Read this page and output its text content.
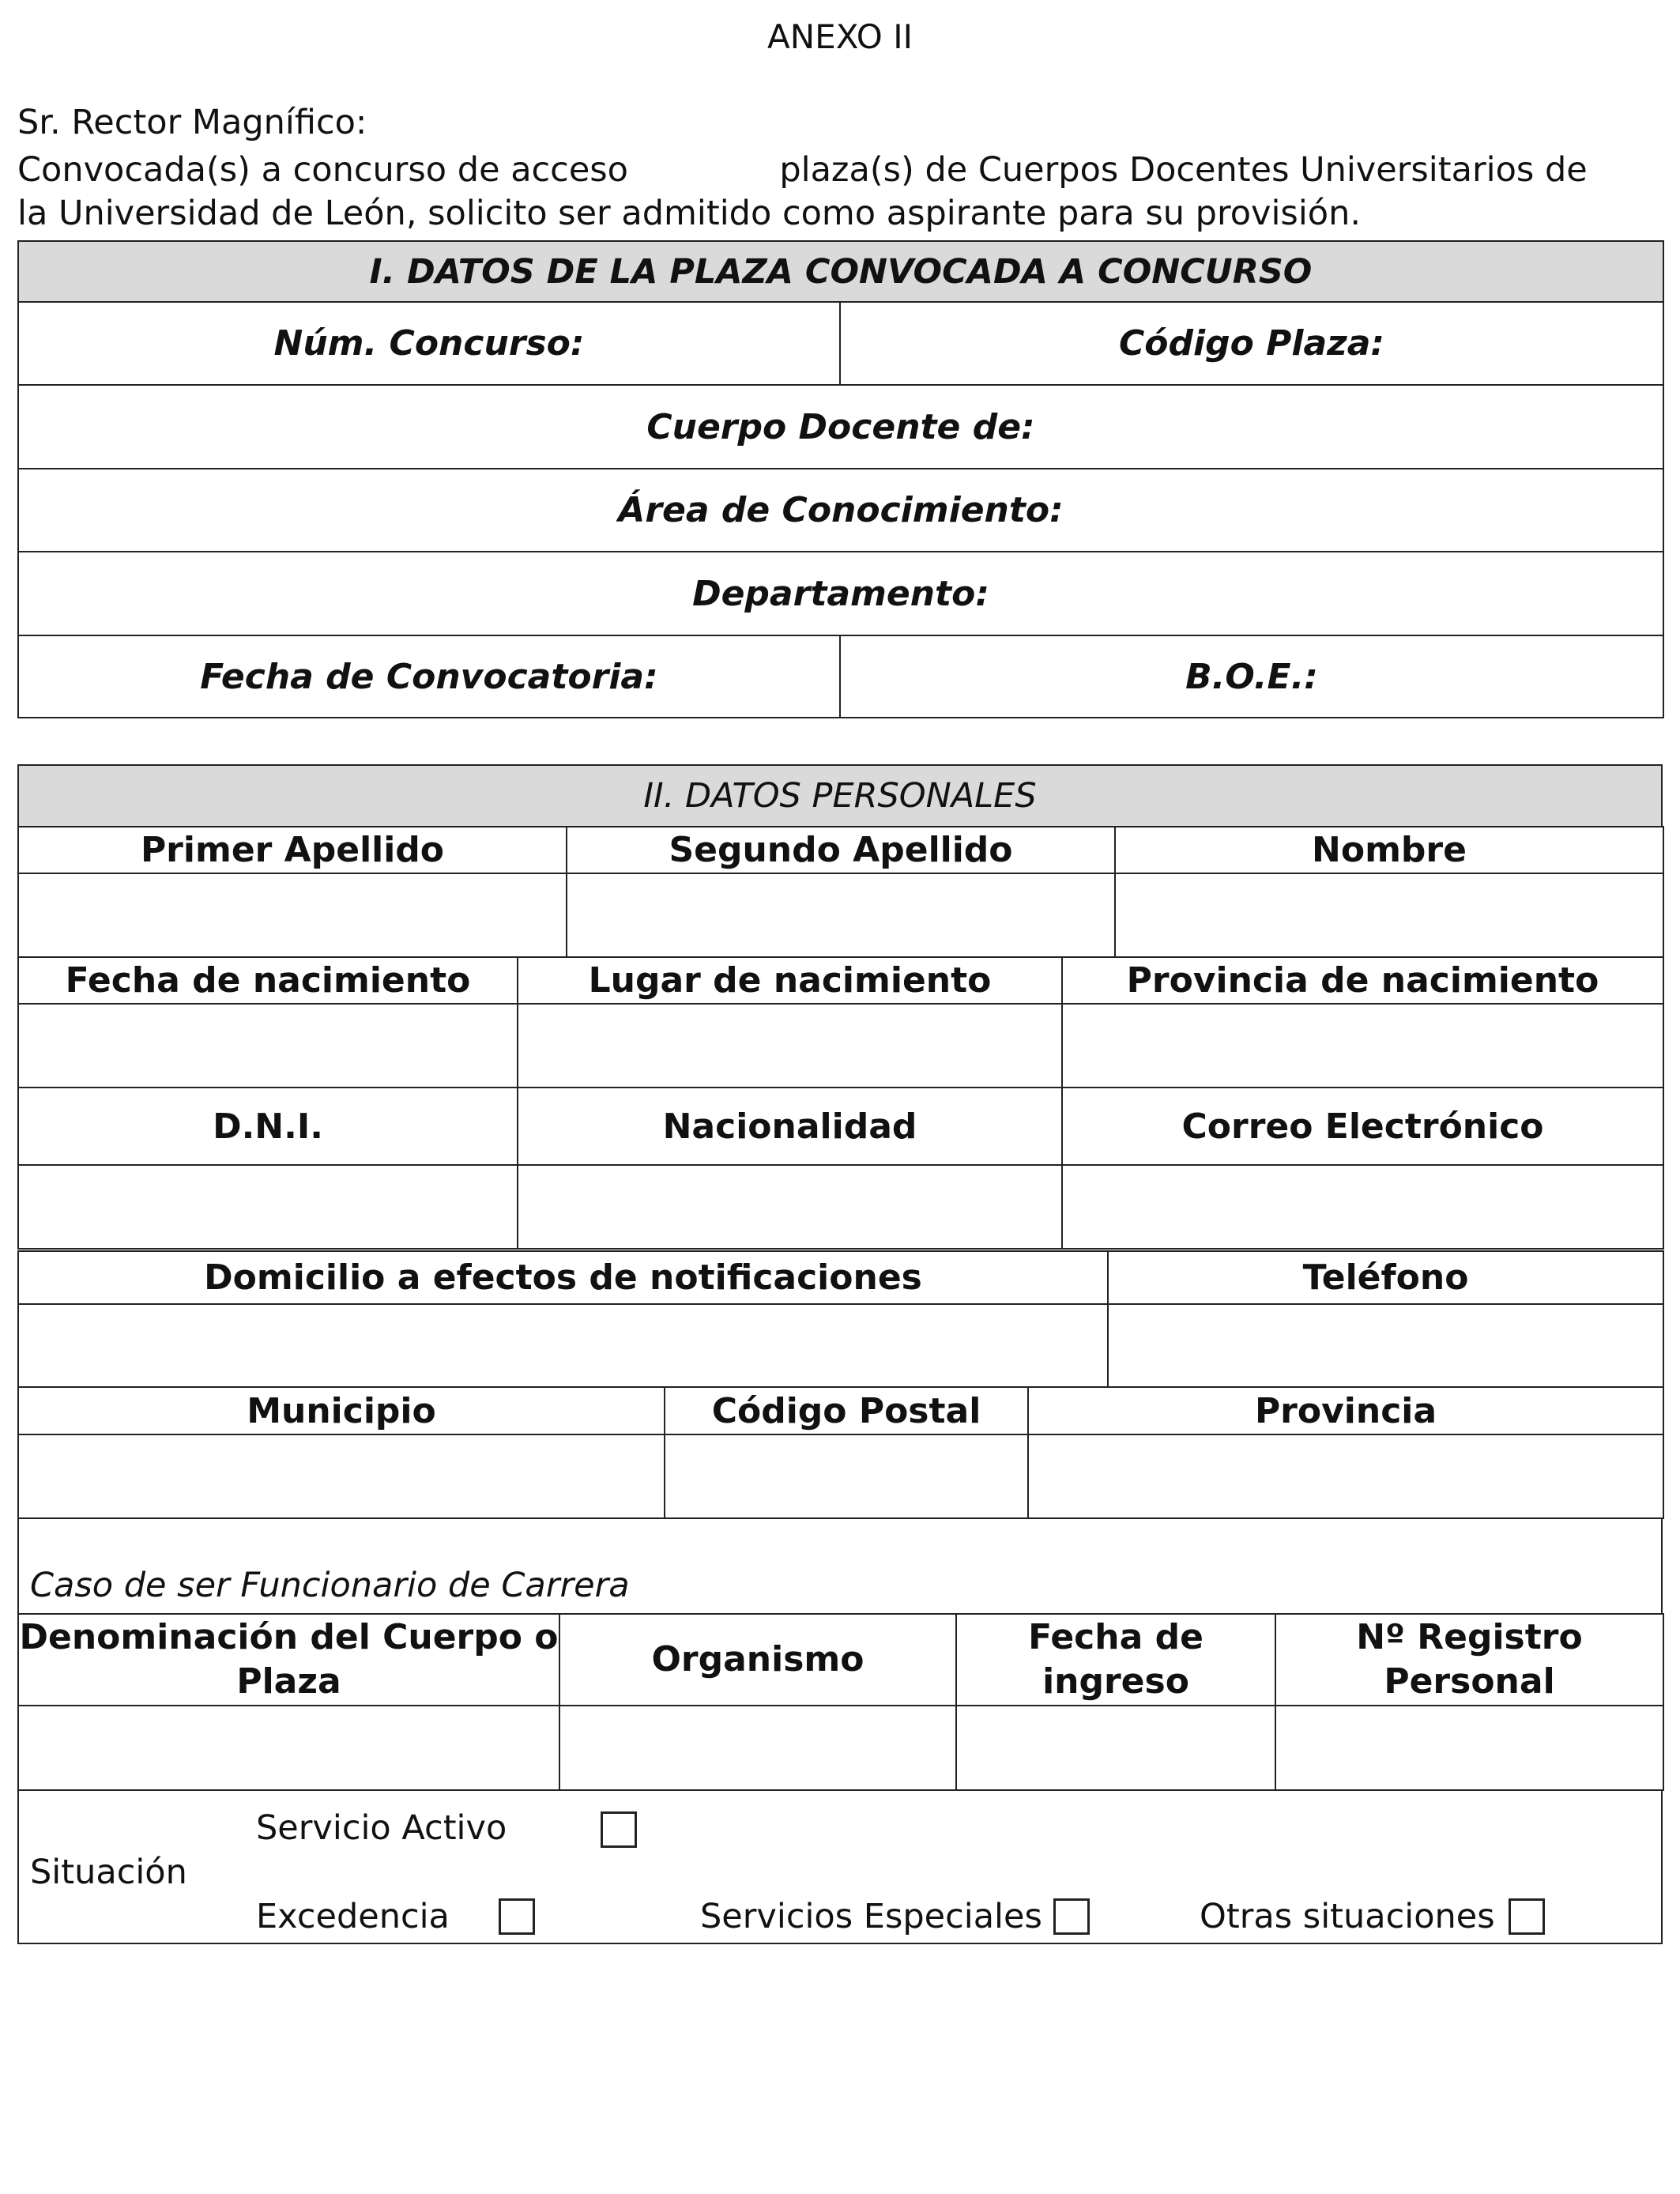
ANEXO II
Sr. Rector Magnífico:
Convocada(s) a concurso de acceso	plaza(s) de Cuerpos Docentes Universitarios de
la Universidad de León, solicito ser admitido como aspirante para su provisión.
I. DATOS DE LA PLAZA CONVOCADA A CONCURSO	
Núm. Concurso:	Código Plaza:
Cuerpo Docente de:	
Área de Conocimiento:	
Departamento:	
Fecha de Convocatoria:	B.O.E.:
II. DATOS PERSONALES
Primer Apellido	Segundo Apellido	Nombre

Fecha de nacimiento	Lugar de nacimiento	Provincia de nacimiento

D.N.I.	Nacionalidad	Correo Electrónico

Domicilio a efectos de notificaciones	Teléfono

Municipio	Código Postal	Provincia

Caso de ser Funcionario de Carrera
Denominación del Cuerpo o Plaza	Organismo	Fecha de ingreso	Nº Registro Personal

Situación
Servicio Activo
Excedencia	Servicios Especiales	Otras situaciones
